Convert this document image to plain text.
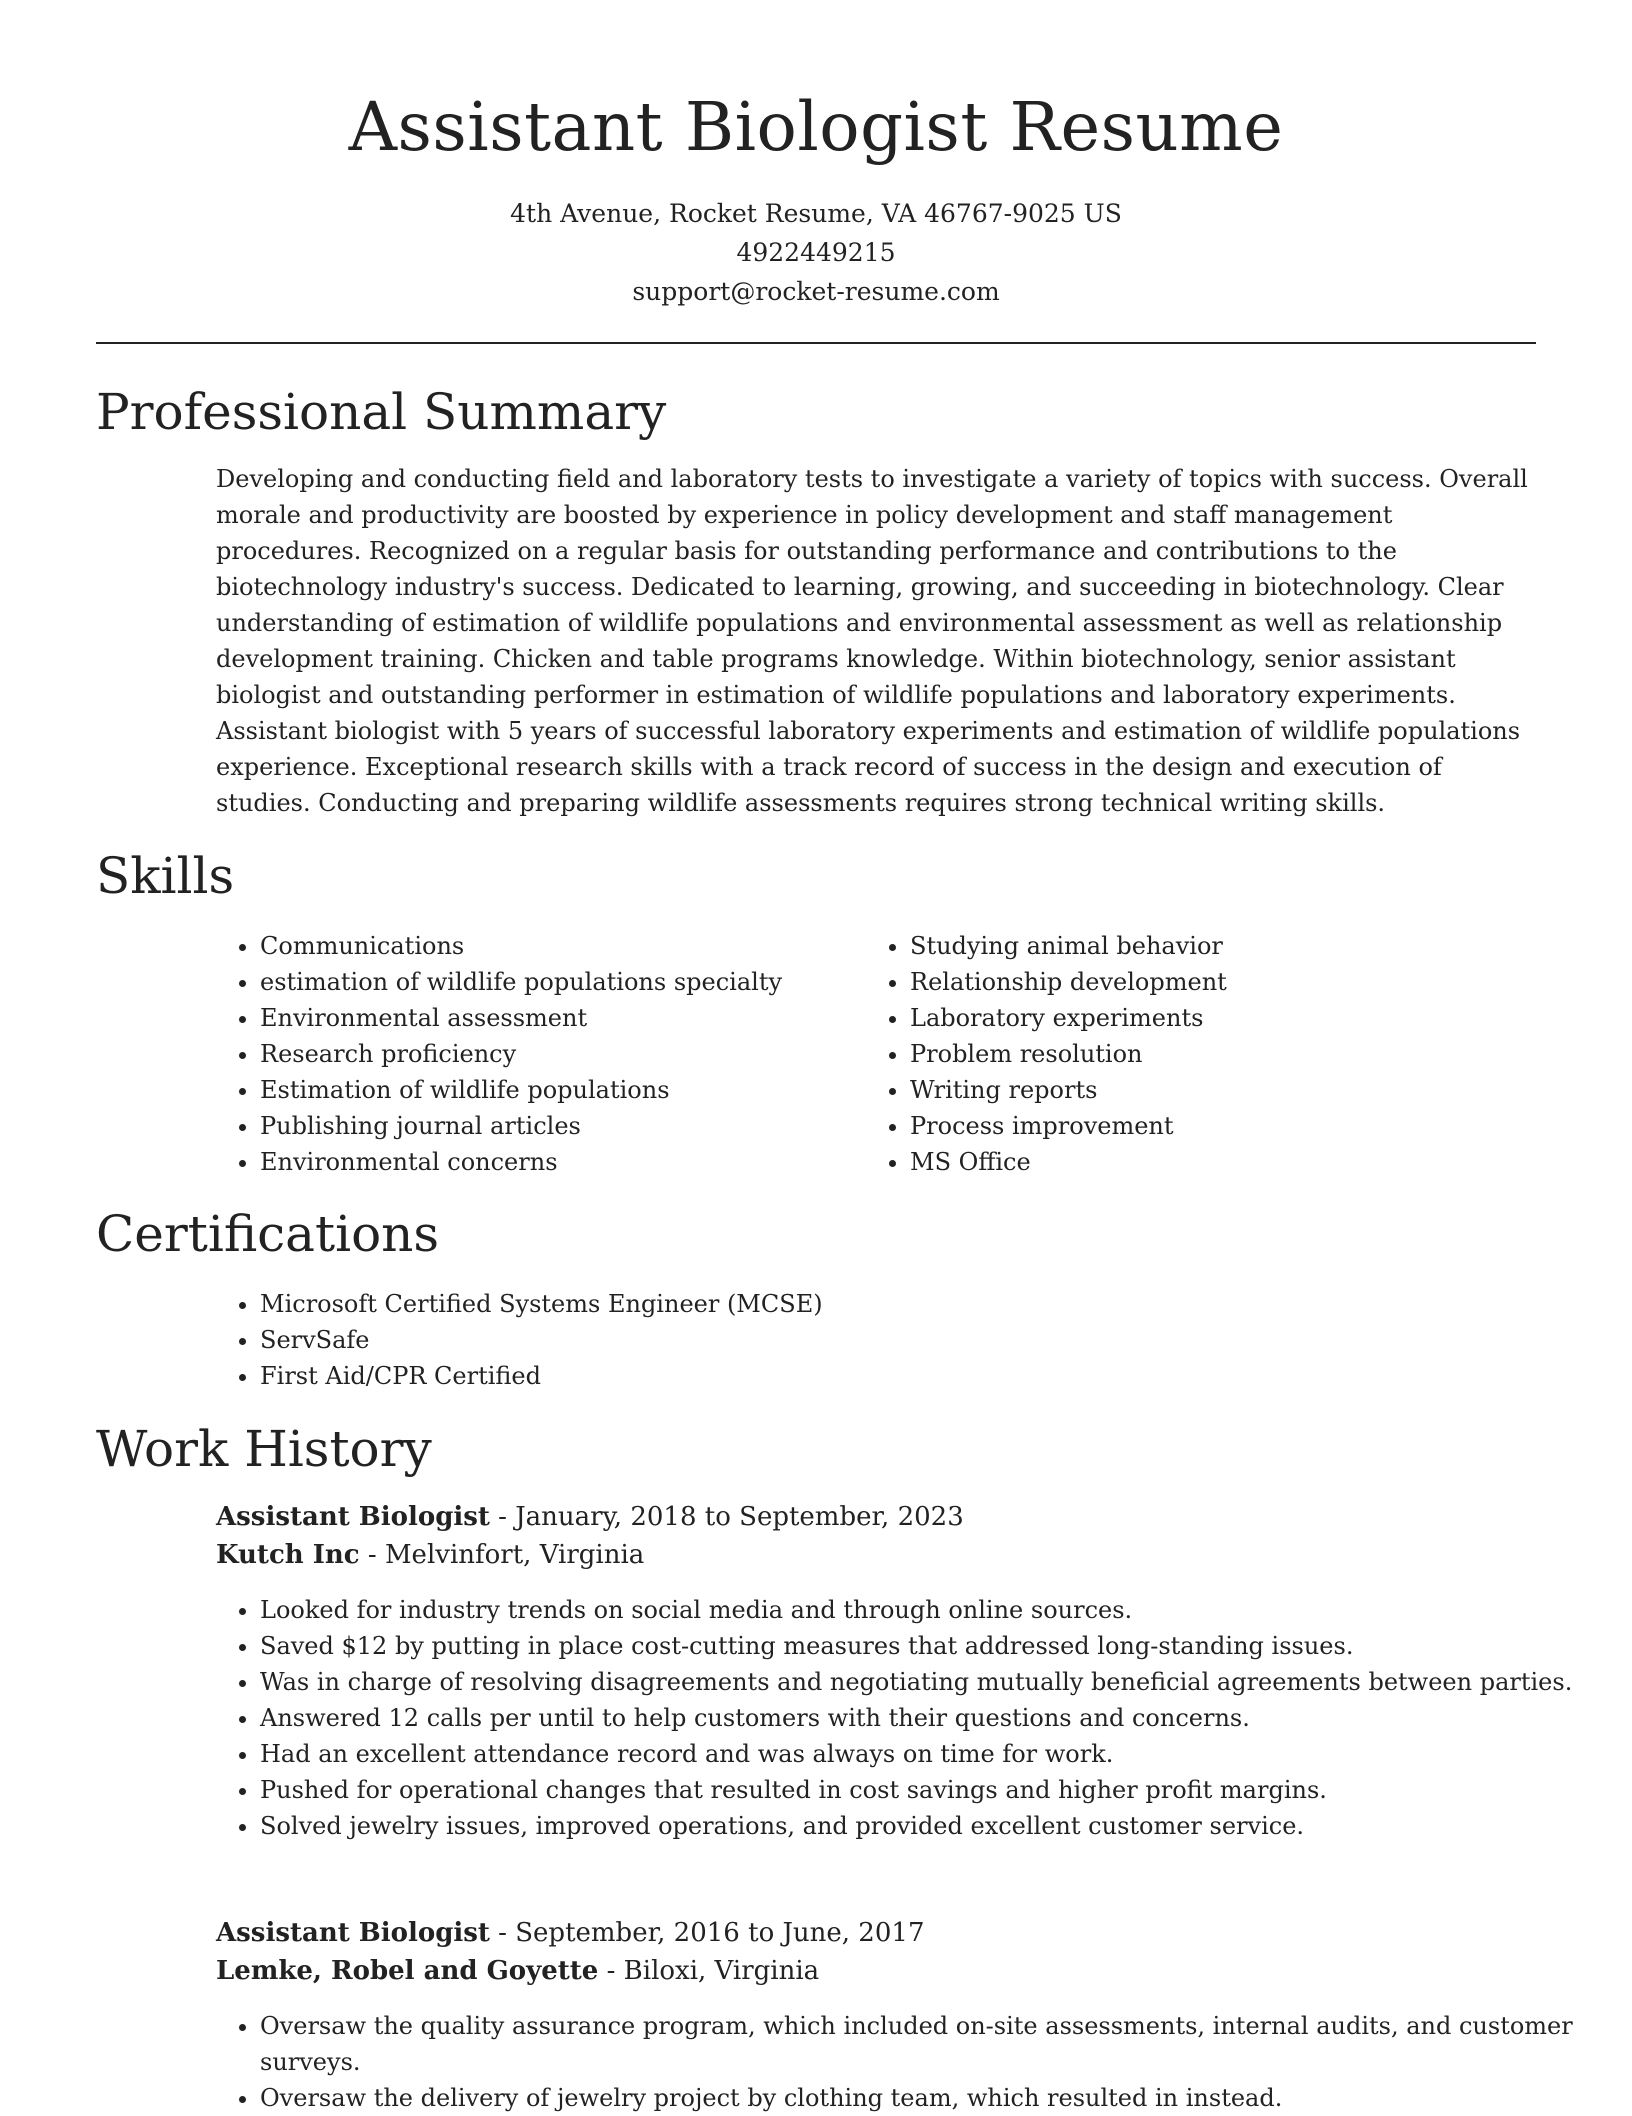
Assistant Biologist Resume
4th Avenue, Rocket Resume, VA 46767-9025 US
4922449215
support@rocket-resume.com
Professional Summary

Developing and conducting field and laboratory tests to investigate a variety of topics with success. Overall morale and productivity are boosted by experience in policy development and staff management procedures. Recognized on a regular basis for outstanding performance and contributions to the biotechnology industry's success. Dedicated to learning, growing, and succeeding in biotechnology. Clear understanding of estimation of wildlife populations and environmental assessment as well as relationship development training. Chicken and table programs knowledge. Within biotechnology, senior assistant biologist and outstanding performer in estimation of wildlife populations and laboratory experiments. Assistant biologist with 5 years of successful laboratory experiments and estimation of wildlife populations experience. Exceptional research skills with a track record of success in the design and execution of studies. Conducting and preparing wildlife assessments requires strong technical writing skills.

Skills
• Communications
• estimation of wildlife populations specialty
• Environmental assessment
• Research proficiency
• Estimation of wildlife populations
• Publishing journal articles
• Environmental concerns
• Studying animal behavior
• Relationship development
• Laboratory experiments
• Problem resolution
• Writing reports
• Process improvement
• MS Office
Certifications
• Microsoft Certified Systems Engineer (MCSE)
• ServSafe
• First Aid/CPR Certified
Work History
Assistant Biologist - January, 2018 to September, 2023
Kutch Inc - Melvinfort, Virginia
• Looked for industry trends on social media and through online sources.
• Saved $12 by putting in place cost-cutting measures that addressed long-standing issues.
• Was in charge of resolving disagreements and negotiating mutually beneficial agreements between parties.
• Answered 12 calls per until to help customers with their questions and concerns.
• Had an excellent attendance record and was always on time for work.
• Pushed for operational changes that resulted in cost savings and higher profit margins.
• Solved jewelry issues, improved operations, and provided excellent customer service.
Assistant Biologist - September, 2016 to June, 2017
Lemke, Robel and Goyette - Biloxi, Virginia
• Oversaw the quality assurance program, which included on-site assessments, internal audits, and customer surveys.
• Oversaw the delivery of jewelry project by clothing team, which resulted in instead.
